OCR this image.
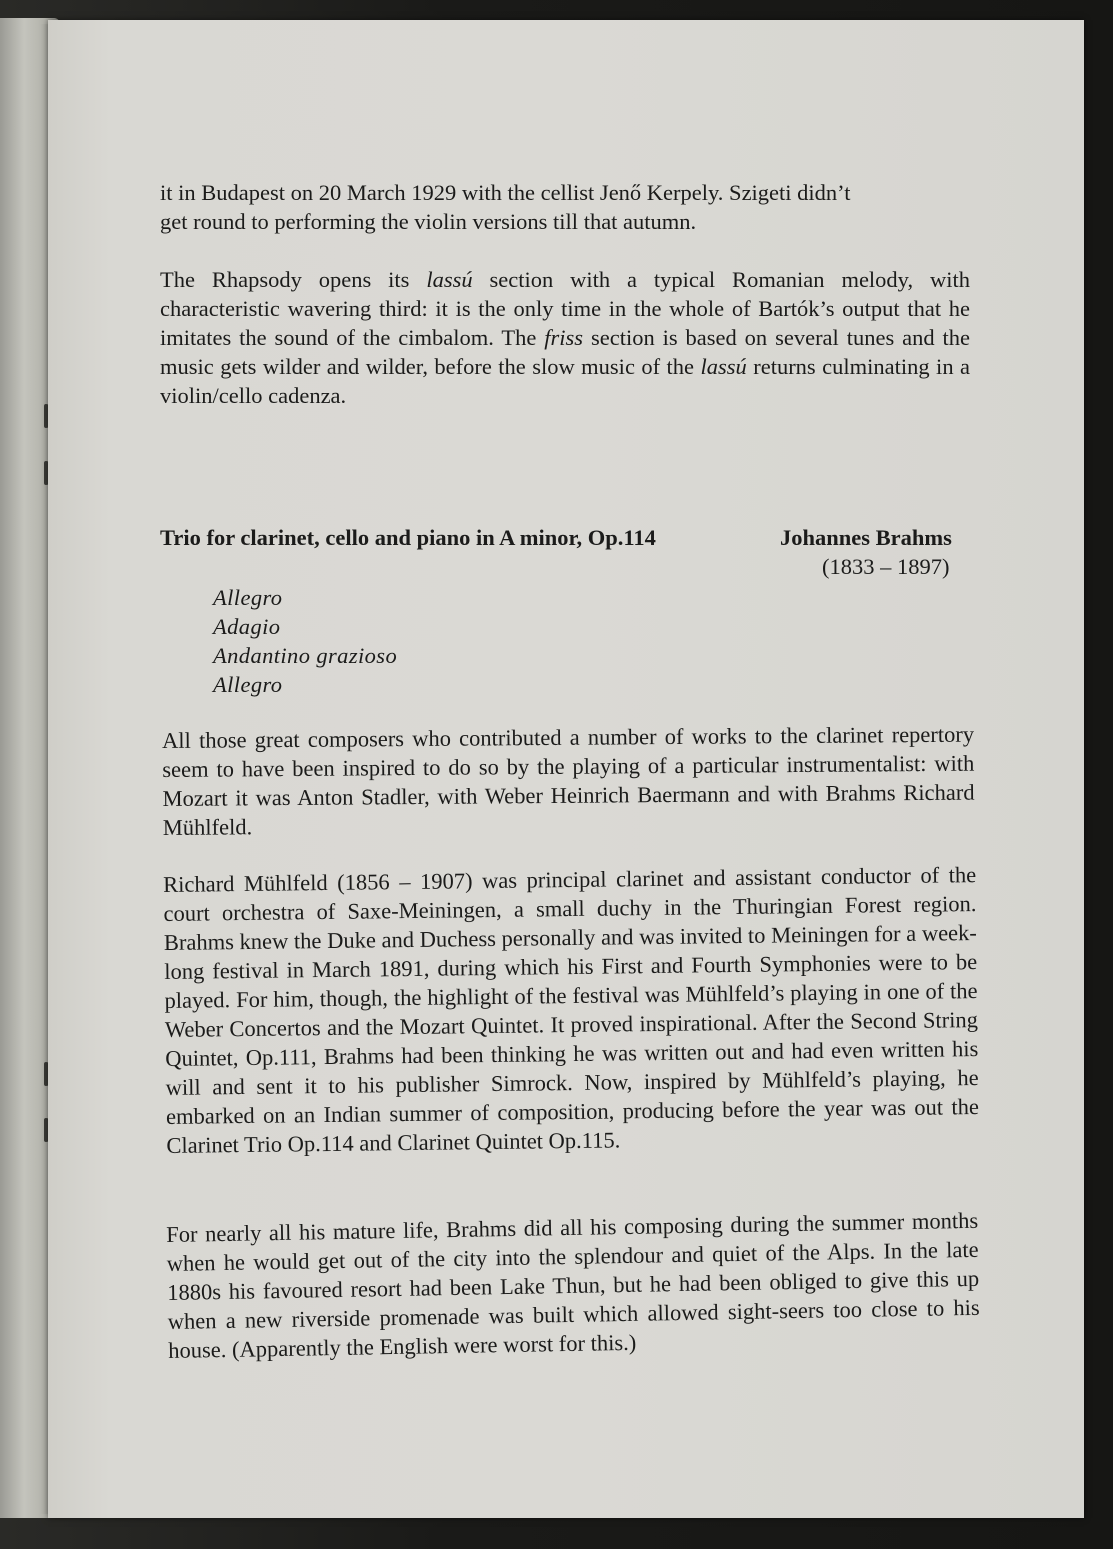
it in Budapest on 20 March 1929 with the cellist Jenő Kerpely. Szigeti didn’t
get round to performing the violin versions till that autumn.

The Rhapsody opens its lassú section with a typical Romanian melody, with characteristic wavering third: it is the only time in the whole of Bartók’s output that he imitates the sound of the cimbalom. The friss section is based on several tunes and the music gets wilder and wilder, before the slow music of the lassú returns culminating in a violin/cello cadenza.

Trio for clarinet, cello and piano in A minor, Op.114	Johannes Brahms
(1833 – 1897)
Allegro
Adagio
Andantino grazioso
Allegro

All those great composers who contributed a number of works to the clarinet repertory seem to have been inspired to do so by the playing of a particular instrumentalist: with Mozart it was Anton Stadler, with Weber Heinrich Baermann and with Brahms Richard Mühlfeld.

Richard Mühlfeld (1856 – 1907) was principal clarinet and assistant conductor of the court orchestra of Saxe-Meiningen, a small duchy in the Thuringian Forest region. Brahms knew the Duke and Duchess personally and was invited to Meiningen for a week-long festival in March 1891, during which his First and Fourth Symphonies were to be played. For him, though, the highlight of the festival was Mühlfeld’s playing in one of the Weber Concertos and the Mozart Quintet. It proved inspirational. After the Second String Quintet, Op.111, Brahms had been thinking he was written out and had even written his will and sent it to his publisher Simrock. Now, inspired by Mühlfeld’s playing, he embarked on an Indian summer of composition, producing before the year was out the Clarinet Trio Op.114 and Clarinet Quintet Op.115.

For nearly all his mature life, Brahms did all his composing during the summer months when he would get out of the city into the splendour and quiet of the Alps. In the late 1880s his favoured resort had been Lake Thun, but he had been obliged to give this up when a new riverside promenade was built which allowed sight-seers too close to his house. (Apparently the English were worst for this.)
